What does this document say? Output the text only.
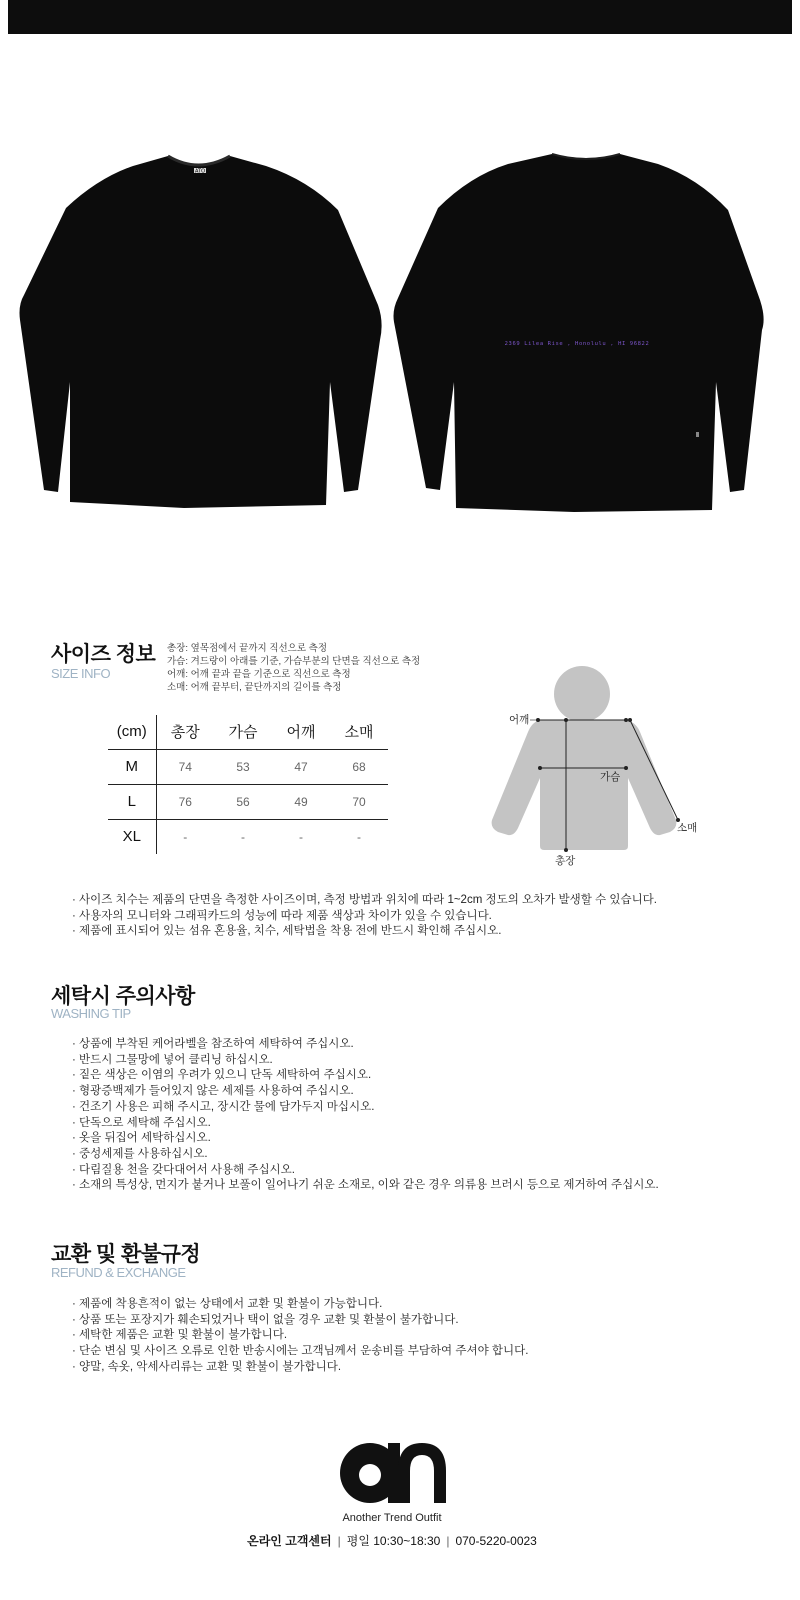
ATO
2369 Lilea Rise , Honolulu , HI 96822
사이즈 정보
SIZE INFO
총장: 옆목점에서 끝까지 직선으로 측정
가슴: 겨드랑이 아래를 기준, 가슴부분의 단면을 직선으로 측정
어깨: 어깨 끝과 끝을 기준으로 직선으로 측정
소매: 어깨 끝부터, 끝단까지의 길이를 측정
(cm)	총장	가슴	어깨	소매
M	74	53	47	68
L	76	56	49	70
XL	-	-	-	-
어깨
가슴
소매
총장
· 사이즈 치수는 제품의 단면을 측정한 사이즈이며, 측정 방법과 위치에 따라 1~2cm 정도의 오차가 발생할 수 있습니다.
· 사용자의 모니터와 그래픽카드의 성능에 따라 제품 색상과 차이가 있을 수 있습니다.
· 제품에 표시되어 있는 섬유 혼용율, 치수, 세탁법을 착용 전에 반드시 확인해 주십시오.
세탁시 주의사항
WASHING TIP
· 상품에 부착된 케어라벨을 참조하여 세탁하여 주십시오.
· 반드시 그물망에 넣어 클리닝 하십시오.
· 짙은 색상은 이염의 우려가 있으니 단독 세탁하여 주십시오.
· 형광증백제가 들어있지 않은 세제를 사용하여 주십시오.
· 건조기 사용은 피해 주시고, 장시간 물에 담가두지 마십시오.
· 단독으로 세탁해 주십시오.
· 옷을 뒤집어 세탁하십시오.
· 중성세제를 사용하십시오.
· 다림질용 천을 갖다대어서 사용해 주십시오.
· 소재의 특성상, 먼지가 붙거나 보풀이 일어나기 쉬운 소재로, 이와 같은 경우 의류용 브러시 등으로 제거하여 주십시오.
교환 및 환불규정
REFUND & EXCHANGE
· 제품에 착용흔적이 없는 상태에서 교환 및 환불이 가능합니다.
· 상품 또는 포장지가 훼손되었거나 택이 없을 경우 교환 및 환불이 불가합니다.
· 세탁한 제품은 교환 및 환불이 불가합니다.
· 단순 변심 및 사이즈 오류로 인한 반송시에는 고객님께서 운송비를 부담하여 주셔야 합니다.
· 양말, 속옷, 악세사리류는 교환 및 환불이 불가합니다.
Another Trend Outfit
온라인 고객센터 | 평일 10:30~18:30 | 070-5220-0023
